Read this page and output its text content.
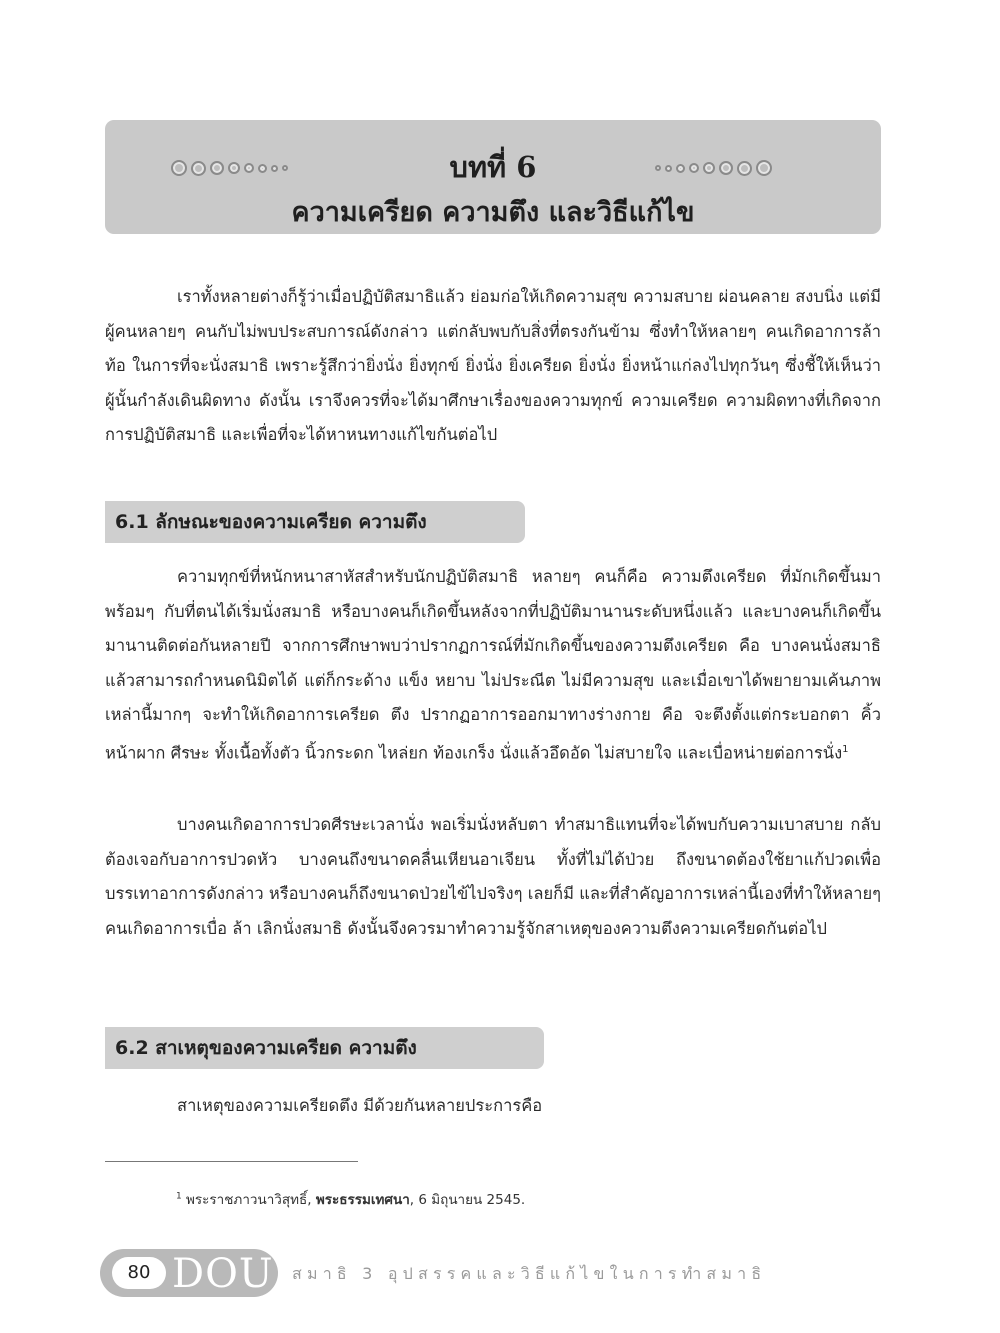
บทที่ 6
ความเครียด ความตึง และวิธีแก้ไข

เราทั้งหลายต่างก็รู้ว่าเมื่อปฏิบัติสมาธิแล้ว ย่อมก่อให้เกิดความสุข ความสบาย ผ่อนคลาย สงบนิ่ง แต่มีผู้คนหลายๆ คนกับไม่พบประสบการณ์ดังกล่าว แต่กลับพบกับสิ่งที่ตรงกันข้าม ซึ่งทำให้หลายๆ คนเกิดอาการล้า ท้อ ในการที่จะนั่งสมาธิ เพราะรู้สึกว่ายิ่งนั่ง ยิ่งทุกข์ ยิ่งนั่ง ยิ่งเครียด ยิ่งนั่ง ยิ่งหน้าแก่ลงไปทุกวันๆ ซึ่งชี้ให้เห็นว่า ผู้นั้นกำลังเดินผิดทาง ดังนั้น เราจึงควรที่จะได้มาศึกษาเรื่องของความทุกข์ ความเครียด ความผิดทางที่เกิดจากการปฏิบัติสมาธิ และเพื่อที่จะได้หาหนทางแก้ไขกันต่อไป

6.1 ลักษณะของความเครียด ความตึง

ความทุกข์ที่หนักหนาสาหัสสำหรับนักปฏิบัติสมาธิ หลายๆ คนก็คือ ความตึงเครียด ที่มักเกิดขึ้นมาพร้อมๆ กับที่ตนได้เริ่มนั่งสมาธิ หรือบางคนก็เกิดขึ้นหลังจากที่ปฏิบัติมานานระดับหนึ่งแล้ว และบางคนก็เกิดขึ้นมานานติดต่อกันหลายปี จากการศึกษาพบว่าปรากฏการณ์ที่มักเกิดขึ้นของความตึงเครียด คือ บางคนนั่งสมาธิแล้วสามารถกำหนดนิมิตได้ แต่ก็กระด้าง แข็ง หยาบ ไม่ประณีต ไม่มีความสุข และเมื่อเขาได้พยายามเค้นภาพเหล่านี้มากๆ จะทำให้เกิดอาการเครียด ตึง ปรากฏอาการออกมาทางร่างกาย คือ จะตึงตั้งแต่กระบอกตา คิ้ว หน้าผาก ศีรษะ ทั้งเนื้อทั้งตัว นิ้วกระดก ไหล่ยก ท้องเกร็ง นั่งแล้วอึดอัด ไม่สบายใจ และเบื่อหน่ายต่อการนั่ง$^1$

บางคนเกิดอาการปวดศีรษะเวลานั่ง พอเริ่มนั่งหลับตา ทำสมาธิแทนที่จะได้พบกับความเบาสบาย กลับต้องเจอกับอาการปวดหัว บางคนถึงขนาดคลื่นเหียนอาเจียน ทั้งที่ไม่ได้ป่วย ถึงขนาดต้องใช้ยาแก้ปวดเพื่อบรรเทาอาการดังกล่าว หรือบางคนก็ถึงขนาดป่วยไข้ไปจริงๆ เลยก็มี และที่สำคัญอาการเหล่านี้เองที่ทำให้หลายๆ คนเกิดอาการเบื่อ ล้า เลิกนั่งสมาธิ ดังนั้นจึงควรมาทำความรู้จักสาเหตุของความตึงความเครียดกันต่อไป

6.2 สาเหตุของความเครียด ความตึง

สาเหตุของความเครียดตึง มีด้วยกันหลายประการคือ

$^1$ พระราชภาวนาวิสุทธิ์, พระธรรมเทศนา, 6 มิถุนายน 2545.
80 DOU สมาธิ 3 อุปสรรคและวิธีแก้ไขในการทำสมาธิ
